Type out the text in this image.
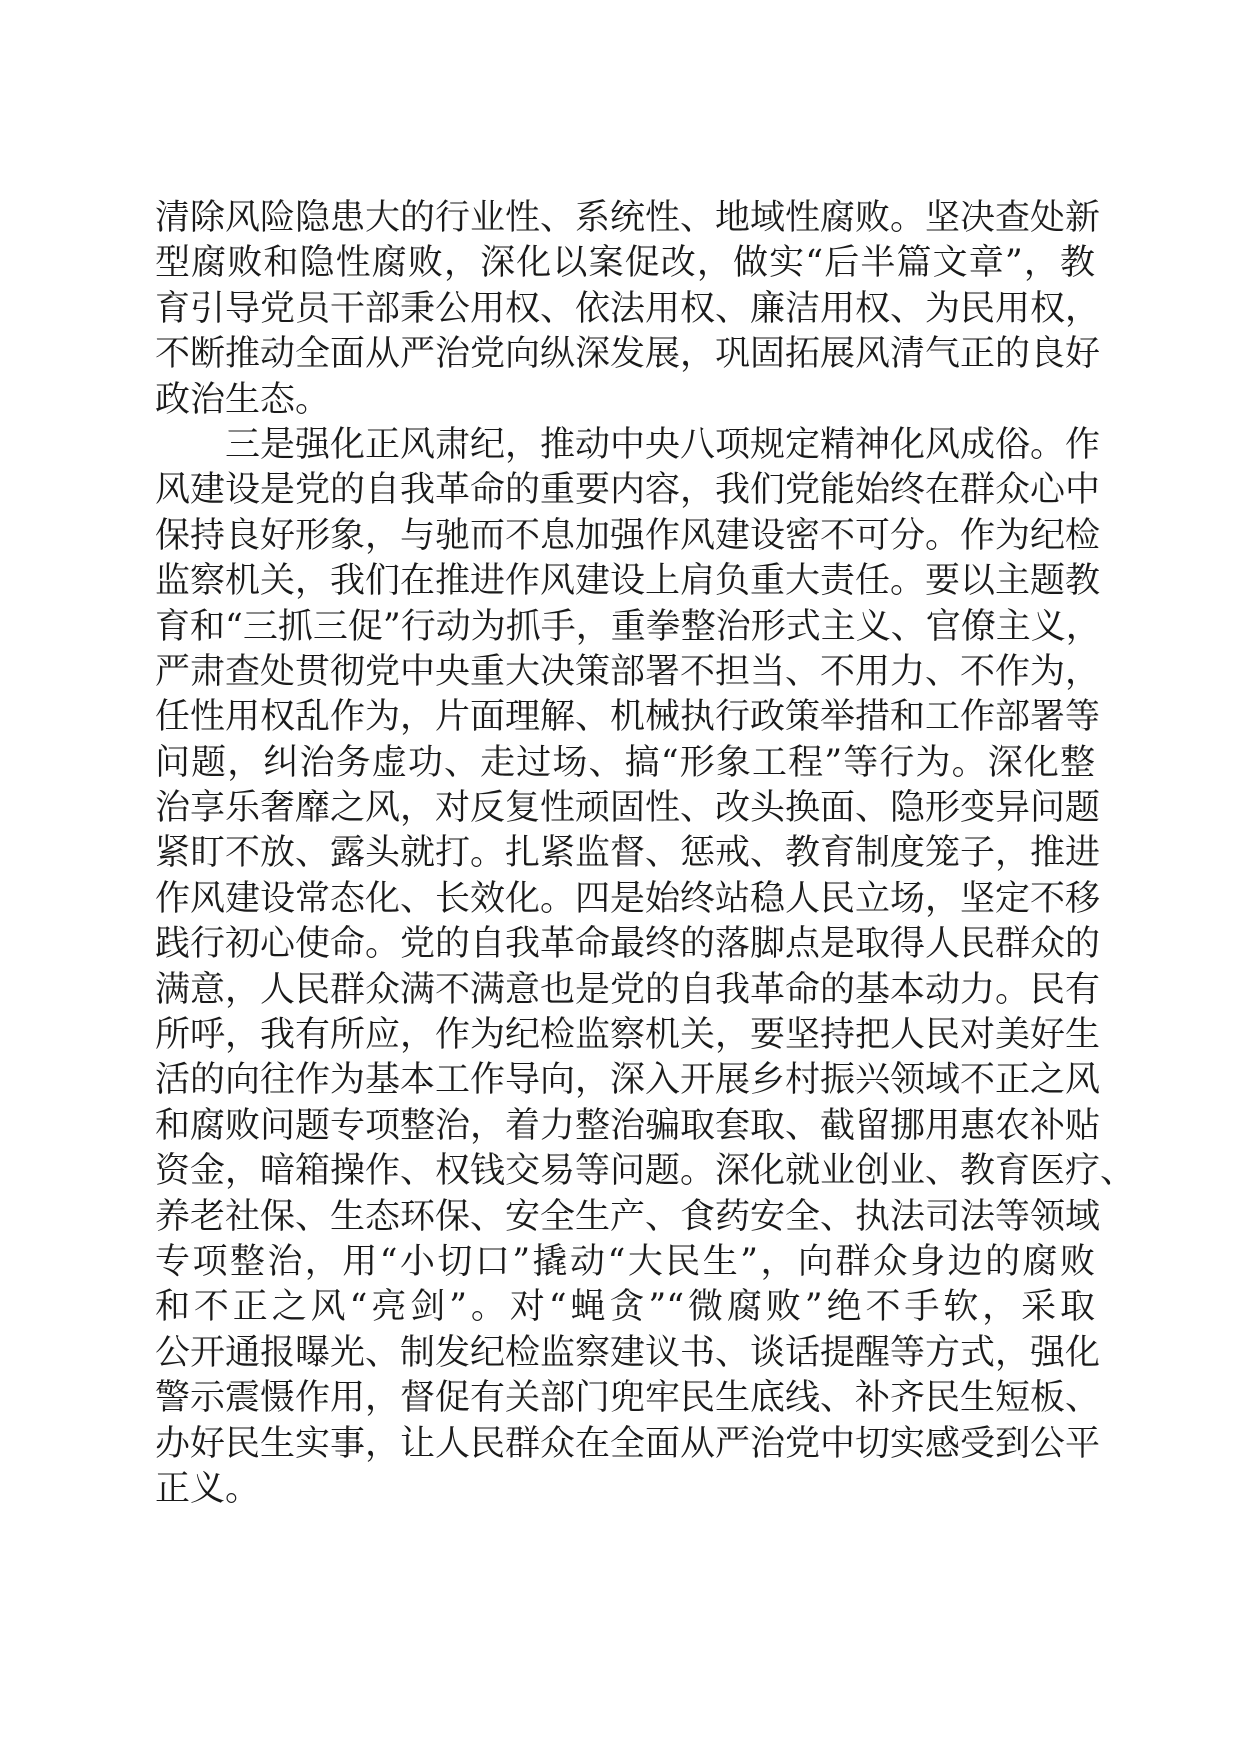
清除风险隐患大的行业性、系统性、地域性腐败。坚决查处新
型腐败和隐性腐败，深化以案促改，做实“后半篇文章”，教
育引导党员干部秉公用权、依法用权、廉洁用权、为民用权，
不断推动全面从严治党向纵深发展，巩固拓展风清气正的良好
政治生态。
　　三是强化正风肃纪，推动中央八项规定精神化风成俗。作
风建设是党的自我革命的重要内容，我们党能始终在群众心中
保持良好形象，与驰而不息加强作风建设密不可分。作为纪检
监察机关，我们在推进作风建设上肩负重大责任。要以主题教
育和“三抓三促”行动为抓手，重拳整治形式主义、官僚主义，
严肃查处贯彻党中央重大决策部署不担当、不用力、不作为，
任性用权乱作为，片面理解、机械执行政策举措和工作部署等
问题，纠治务虚功、走过场、搞“形象工程”等行为。深化整
治享乐奢靡之风，对反复性顽固性、改头换面、隐形变异问题
紧盯不放、露头就打。扎紧监督、惩戒、教育制度笼子，推进
作风建设常态化、长效化。四是始终站稳人民立场，坚定不移
践行初心使命。党的自我革命最终的落脚点是取得人民群众的
满意，人民群众满不满意也是党的自我革命的基本动力。民有
所呼，我有所应，作为纪检监察机关，要坚持把人民对美好生
活的向往作为基本工作导向，深入开展乡村振兴领域不正之风
和腐败问题专项整治，着力整治骗取套取、截留挪用惠农补贴
资金，暗箱操作、权钱交易等问题。深化就业创业、教育医疗、
养老社保、生态环保、安全生产、食药安全、执法司法等领域
专项整治，用“小切口”撬动“大民生”，向群众身边的腐败
和不正之风“亮剑”。对“蝇贪”“微腐败”绝不手软，采取
公开通报曝光、制发纪检监察建议书、谈话提醒等方式，强化
警示震慑作用，督促有关部门兜牢民生底线、补齐民生短板、
办好民生实事，让人民群众在全面从严治党中切实感受到公平
正义。
